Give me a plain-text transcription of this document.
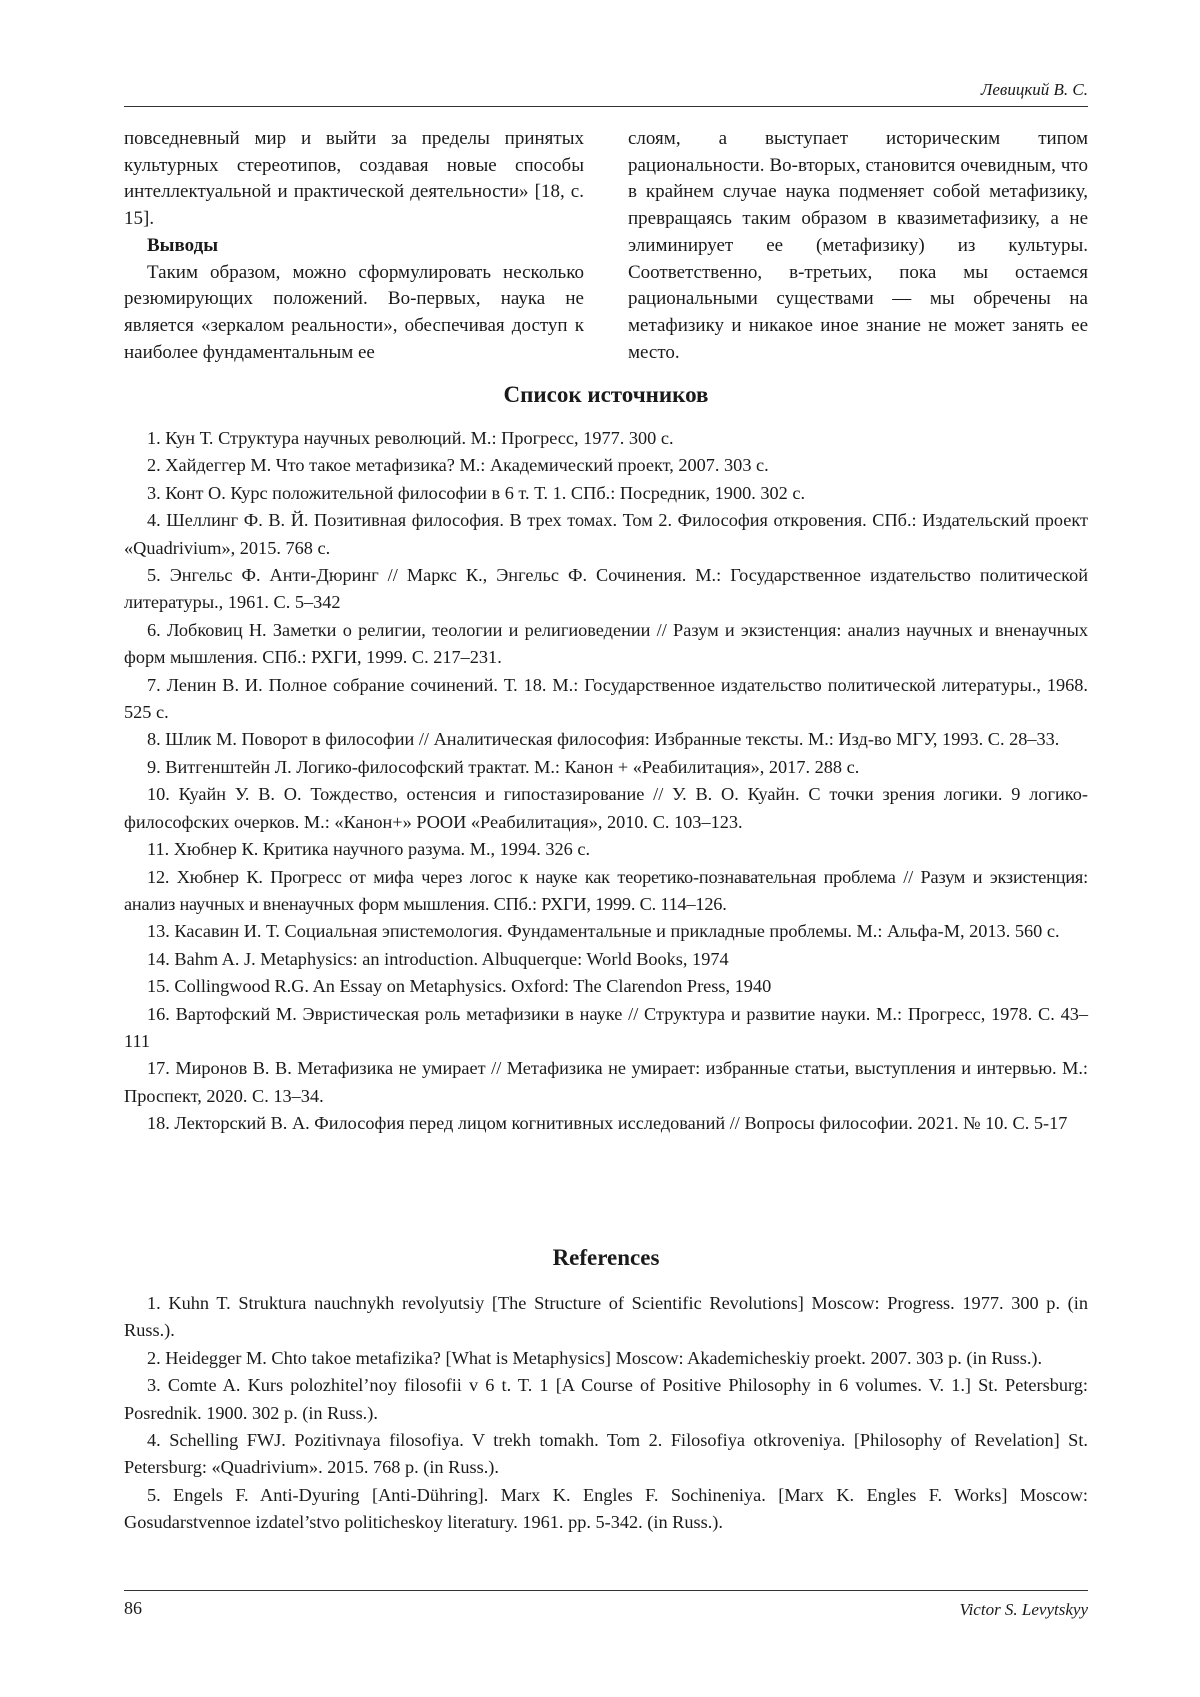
Левицкий В. С.

повседневный мир и выйти за пределы принятых культурных стереотипов, создавая новые способы интеллектуальной и практической деятельности» [18, с. 15].

Выводы

Таким образом, можно сформулировать несколько резюмирующих положений. Во-первых, наука не является «зеркалом реальности», обеспечивая доступ к наиболее фундаментальным ее

слоям, а выступает историческим типом рациональности. Во-вторых, становится очевидным, что в крайнем случае наука подменяет собой метафизику, превращаясь таким образом в квазиметафизику, а не элиминирует ее (метафизику) из культуры. Соответственно, в-третьих, пока мы остаемся рациональными существами — мы обречены на метафизику и никакое иное знание не может занять ее место.

Список источников
1. Кун Т. Структура научных революций. М.: Прогресс, 1977. 300 с.
2. Хайдеггер М. Что такое метафизика? М.: Академический проект, 2007. 303 с.
3. Конт О. Курс положительной философии в 6 т. Т. 1. СПб.: Посредник, 1900. 302 с.
4. Шеллинг Ф. В. Й. Позитивная философия. В трех томах. Том 2. Философия откровения. СПб.: Издательский проект «Quadrivium», 2015. 768 с.
5. Энгельс Ф. Анти-Дюринг // Маркс К., Энгельс Ф. Сочинения. М.: Государственное издательство политической литературы., 1961. С. 5–342
6. Лобковиц Н. Заметки о религии, теологии и религиоведении // Разум и экзистенция: анализ научных и вненаучных форм мышления. СПб.: РХГИ, 1999. С. 217–231.
7. Ленин В. И. Полное собрание сочинений. Т. 18. М.: Государственное издательство политической литературы., 1968. 525 с.
8. Шлик М. Поворот в философии // Аналитическая философия: Избранные тексты. М.: Изд-во МГУ, 1993. С. 28–33.
9. Витгенштейн Л. Логико-философский трактат. М.: Канон + «Реабилитация», 2017. 288 с.
10. Куайн У. В. О. Тождество, остенсия и гипостазирование // У. В. О. Куайн. С точки зрения логики. 9 логико-философских очерков. М.: «Канон+» РООИ «Реабилитация», 2010. С. 103–123.
11. Хюбнер К. Критика научного разума. М., 1994. 326 с.
12. Хюбнер К. Прогресс от мифа через логос к науке как теоретико-познавательная проблема // Разум и экзистенция: анализ научных и вненаучных форм мышления. СПб.: РХГИ, 1999. С. 114–126.
13. Касавин И. Т. Социальная эпистемология. Фундаментальные и прикладные проблемы. М.: Альфа-М, 2013. 560 с.
14. Bahm A. J. Metaphysics: an introduction. Albuquerque: World Books, 1974
15. Collingwood R.G. An Essay on Metaphysics. Oxford: The Clarendon Press, 1940
16. Вартофский М. Эвристическая роль метафизики в науке // Структура и развитие науки. М.: Прогресс, 1978. С. 43–111
17. Миронов В. В. Метафизика не умирает // Метафизика не умирает: избранные статьи, выступления и интервью. М.: Проспект, 2020. С. 13–34.
18. Лекторский В. А. Философия перед лицом когнитивных исследований // Вопросы философии. 2021. № 10. С. 5-17
References
1. Kuhn T. Struktura nauchnykh revolyutsiy [The Structure of Scientific Revolutions] Moscow: Progress. 1977. 300 p. (in Russ.).
2. Heidegger M. Chto takoe metafizika? [What is Metaphysics] Moscow: Akademicheskiy proekt. 2007. 303 p. (in Russ.).
3. Comte A. Kurs polozhitel’noy filosofii v 6 t. T. 1 [A Course of Positive Philosophy in 6 volumes. V. 1.] St. Petersburg: Posrednik. 1900. 302 p. (in Russ.).
4. Schelling FWJ. Pozitivnaya filosofiya. V trekh tomakh. Tom 2. Filosofiya otkroveniya. [Philosophy of Revelation] St. Petersburg: «Quadrivium». 2015. 768 p. (in Russ.).
5. Engels F. Anti-Dyuring [Anti-Dühring]. Marx K. Engles F. Sochineniya. [Marx K. Engles F. Works] Moscow: Gosudarstvennoe izdatel’stvo politicheskoy literatury. 1961. pp. 5-342. (in Russ.).
86	Victor S. Levytskyy
